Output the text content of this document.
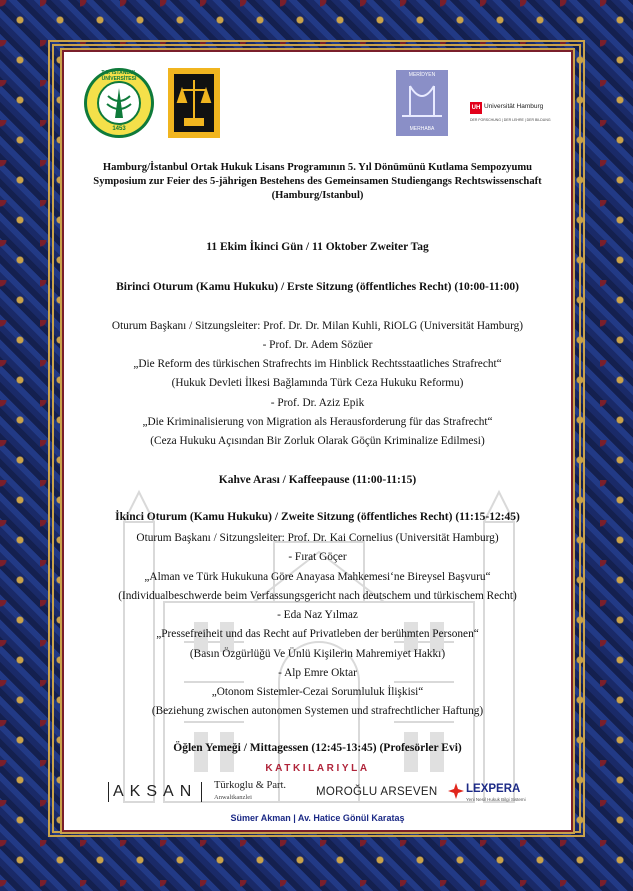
T.C. İSTANBUL ÜNİVERSİTESİ
1453
MERİDYEN
MERHABA
UH Universität Hamburg
DER FORSCHUNG | DER LEHRE | DER BILDUNG
Hamburg/İstanbul Ortak Hukuk Lisans Programının 5. Yıl Dönümünü Kutlama Sempozyumu
Symposium zur Feier des 5-jährigen Bestehens des Gemeinsamen Studiengangs Rechtswissenschaft
(Hamburg/Istanbul)
11 Ekim İkinci Gün / 11 Oktober Zweiter Tag
Birinci Oturum (Kamu Hukuku) / Erste Sitzung (öffentliches Recht) (10:00-11:00)
Oturum Başkanı / Sitzungsleiter: Prof. Dr. Dr. Milan Kuhli, RiOLG (Universität Hamburg)
- Prof. Dr. Adem Sözüer
„Die Reform des türkischen Strafrechts im Hinblick Rechtsstaatliches Strafrecht“
(Hukuk Devleti İlkesi Bağlamında Türk Ceza Hukuku Reformu)
- Prof. Dr. Aziz Epik
„Die Kriminalisierung von Migration als Herausforderung für das Strafrecht“
(Ceza Hukuku Açısından Bir Zorluk Olarak Göçün Kriminalize Edilmesi)
Kahve Arası / Kaffeepause (11:00-11:15)
İkinci Oturum (Kamu Hukuku) / Zweite Sitzung (öffentliches Recht) (11:15-12:45)
Oturum Başkanı / Sitzungsleiter: Prof. Dr. Kai Cornelius (Universität Hamburg)
- Fırat Göçer
„Alman ve Türk Hukukuna Göre Anayasa Mahkemesi‘ne Bireysel Başvuru“
(Individualbeschwerde beim Verfassungsgericht nach deutschem und türkischem Recht)
- Eda Naz Yılmaz
„Pressefreiheit und das Recht auf Privatleben der berühmten Personen“
(Basın Özgürlüğü Ve Ünlü Kişilerin Mahremiyet Hakkı)
- Alp Emre Oktar
„Otonom Sistemler-Cezai Sorumluluk İlişkisi“
(Beziehung zwischen autonomen Systemen und strafrechtlicher Haftung)
Öğlen Yemeği / Mittagessen (12:45-13:45) (Profesörler Evi)
KATKILARIYLA
AKSAN	Türkoglu & Part.
Anwaltkanzlei	MOROĞLU ARSEVEN LEXPERA
Yeni Nesil Hukuk Bilgi Sistemi
Sümer Akman | Av. Hatice Gönül Karataş
